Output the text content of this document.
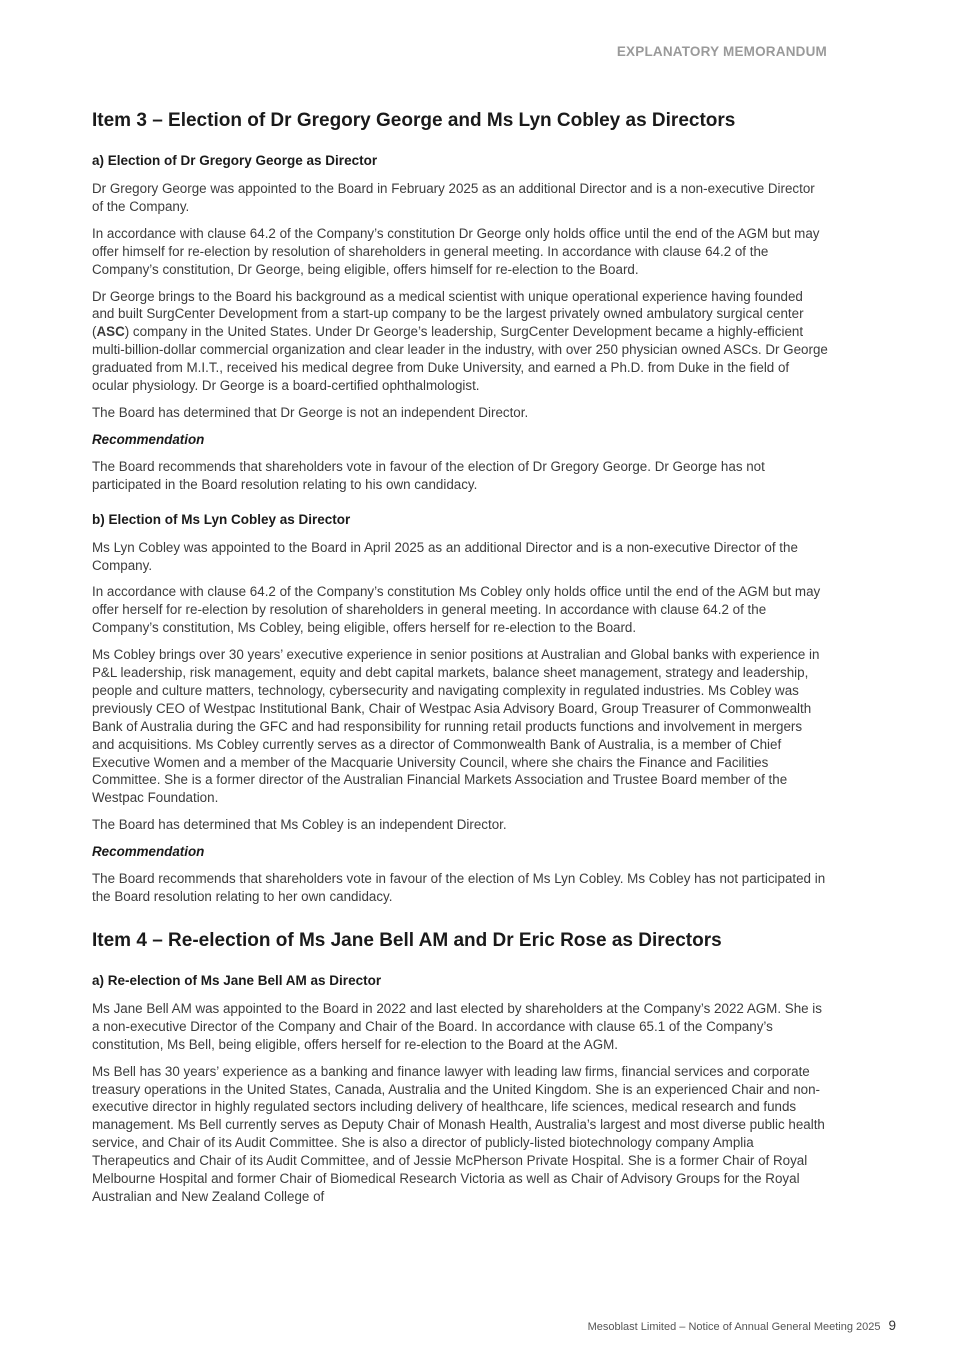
EXPLANATORY MEMORANDUM
Item 3 – Election of Dr Gregory George and Ms Lyn Cobley as Directors
a) Election of Dr Gregory George as Director

Dr Gregory George was appointed to the Board in February 2025 as an additional Director and is a non-executive Director of the Company.

In accordance with clause 64.2 of the Company’s constitution Dr George only holds office until the end of the AGM but may offer himself for re-election by resolution of shareholders in general meeting. In accordance with clause 64.2 of the Company’s constitution, Dr George, being eligible, offers himself for re-election to the Board.

Dr George brings to the Board his background as a medical scientist with unique operational experience having founded and built SurgCenter Development from a start-up company to be the largest privately owned ambulatory surgical center (ASC) company in the United States. Under Dr George’s leadership, SurgCenter Development became a highly-efficient multi-billion-dollar commercial organization and clear leader in the industry, with over 250 physician owned ASCs. Dr George graduated from M.I.T., received his medical degree from Duke University, and earned a Ph.D. from Duke in the field of ocular physiology. Dr George is a board-certified ophthalmologist.

The Board has determined that Dr George is not an independent Director.

Recommendation

The Board recommends that shareholders vote in favour of the election of Dr Gregory George. Dr George has not participated in the Board resolution relating to his own candidacy.

b) Election of Ms Lyn Cobley as Director

Ms Lyn Cobley was appointed to the Board in April 2025 as an additional Director and is a non-executive Director of the Company.

In accordance with clause 64.2 of the Company’s constitution Ms Cobley only holds office until the end of the AGM but may offer herself for re-election by resolution of shareholders in general meeting. In accordance with clause 64.2 of the Company’s constitution, Ms Cobley, being eligible, offers herself for re-election to the Board.

Ms Cobley brings over 30 years’ executive experience in senior positions at Australian and Global banks with experience in P&L leadership, risk management, equity and debt capital markets, balance sheet management, strategy and leadership, people and culture matters, technology, cybersecurity and navigating complexity in regulated industries. Ms Cobley was previously CEO of Westpac Institutional Bank, Chair of Westpac Asia Advisory Board, Group Treasurer of Commonwealth Bank of Australia during the GFC and had responsibility for running retail products functions and involvement in mergers and acquisitions. Ms Cobley currently serves as a director of Commonwealth Bank of Australia, is a member of Chief Executive Women and a member of the Macquarie University Council, where she chairs the Finance and Facilities Committee. She is a former director of the Australian Financial Markets Association and Trustee Board member of the Westpac Foundation.

The Board has determined that Ms Cobley is an independent Director.

Recommendation

The Board recommends that shareholders vote in favour of the election of Ms Lyn Cobley. Ms Cobley has not participated in the Board resolution relating to her own candidacy.

Item 4 – Re-election of Ms Jane Bell AM and Dr Eric Rose as Directors
a) Re-election of Ms Jane Bell AM as Director

Ms Jane Bell AM was appointed to the Board in 2022 and last elected by shareholders at the Company’s 2022 AGM. She is a non-executive Director of the Company and Chair of the Board. In accordance with clause 65.1 of the Company’s constitution, Ms Bell, being eligible, offers herself for re-election to the Board at the AGM.

Ms Bell has 30 years’ experience as a banking and finance lawyer with leading law firms, financial services and corporate treasury operations in the United States, Canada, Australia and the United Kingdom. She is an experienced Chair and non-executive director in highly regulated sectors including delivery of healthcare, life sciences, medical research and funds management. Ms Bell currently serves as Deputy Chair of Monash Health, Australia’s largest and most diverse public health service, and Chair of its Audit Committee. She is also a director of publicly-listed biotechnology company Amplia Therapeutics and Chair of its Audit Committee, and of Jessie McPherson Private Hospital. She is a former Chair of Royal Melbourne Hospital and former Chair of Biomedical Research Victoria as well as Chair of Advisory Groups for the Royal Australian and New Zealand College of

Mesoblast Limited – Notice of Annual General Meeting 2025 9
